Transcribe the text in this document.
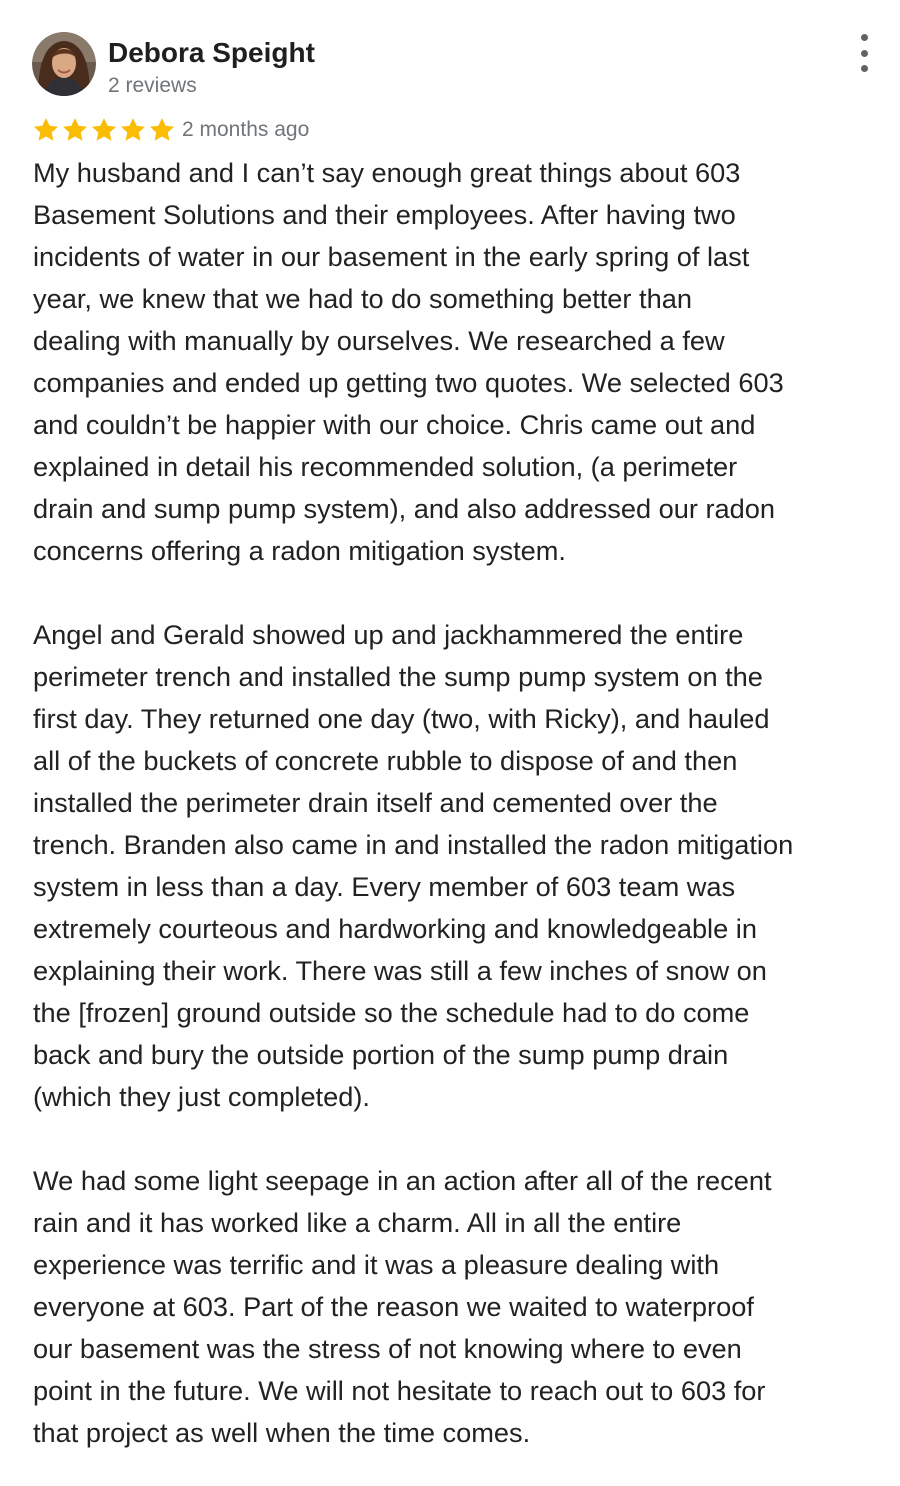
Debora Speight
2 reviews
2 months ago

My husband and I can’t say enough great things about 603
Basement Solutions and their employees. After having two
incidents of water in our basement in the early spring of last
year, we knew that we had to do something better than
dealing with manually by ourselves. We researched a few
companies and ended up getting two quotes. We selected 603
and couldn’t be happier with our choice. Chris came out and
explained in detail his recommended solution, (a perimeter
drain and sump pump system), and also addressed our radon
concerns offering a radon mitigation system.

Angel and Gerald showed up and jackhammered the entire
perimeter trench and installed the sump pump system on the
first day. They returned one day (two, with Ricky), and hauled
all of the buckets of concrete rubble to dispose of and then
installed the perimeter drain itself and cemented over the
trench. Branden also came in and installed the radon mitigation
system in less than a day. Every member of 603 team was
extremely courteous and hardworking and knowledgeable in
explaining their work. There was still a few inches of snow on
the [frozen] ground outside so the schedule had to do come
back and bury the outside portion of the sump pump drain
(which they just completed).

We had some light seepage in an action after all of the recent
rain and it has worked like a charm. All in all the entire
experience was terrific and it was a pleasure dealing with
everyone at 603. Part of the reason we waited to waterproof
our basement was the stress of not knowing where to even
point in the future. We will not hesitate to reach out to 603 for
that project as well when the time comes.
